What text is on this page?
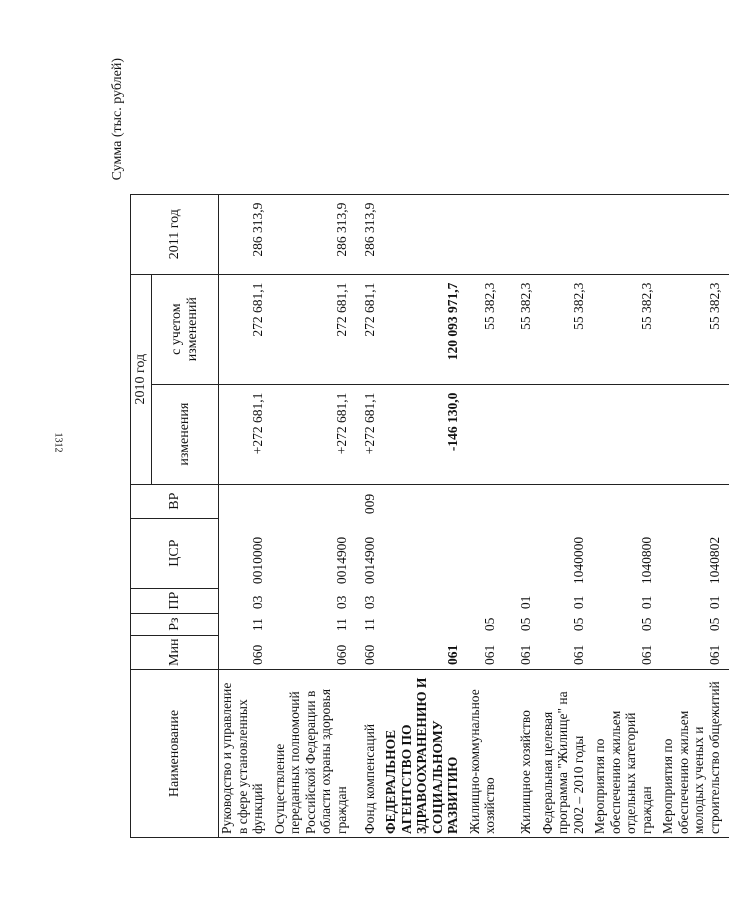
1312
Сумма (тыс. рублей)
Наименование	Мин	Рз	ПР	ЦСР	ВР	2010 год		2011 год
						изменения	с учетом изменений	
Руководство и управление в сфере установленных функций	060	11	03	0010000		+272 681,1	272 681,1	286 313,9
Осуществление переданных полномочий Российской Федерации в области охраны здоровья граждан	060	11	03	0014900		+272 681,1	272 681,1	286 313,9
Фонд компенсаций	060	11	03	0014900	009	+272 681,1	272 681,1	286 313,9
ФЕДЕРАЛЬНОЕ АГЕНТСТВО ПО ЗДРАВООХРАНЕНИЮ И СОЦИАЛЬНОМУ РАЗВИТИЮ	061					-146 130,0	120 093 971,7	
Жилищно-коммунальное хозяйство	061	05					55 382,3	
Жилищное хозяйство	061	05	01				55 382,3	
Федеральная целевая программа "Жилище" на 2002 – 2010 годы	061	05	01	1040000			55 382,3	
Мероприятия по обеспечению жильем отдельных категорий граждан	061	05	01	1040800			55 382,3	
Мероприятия по обеспечению жильем молодых ученых и строительство общежитий	061	05	01	1040802			55 382,3	
